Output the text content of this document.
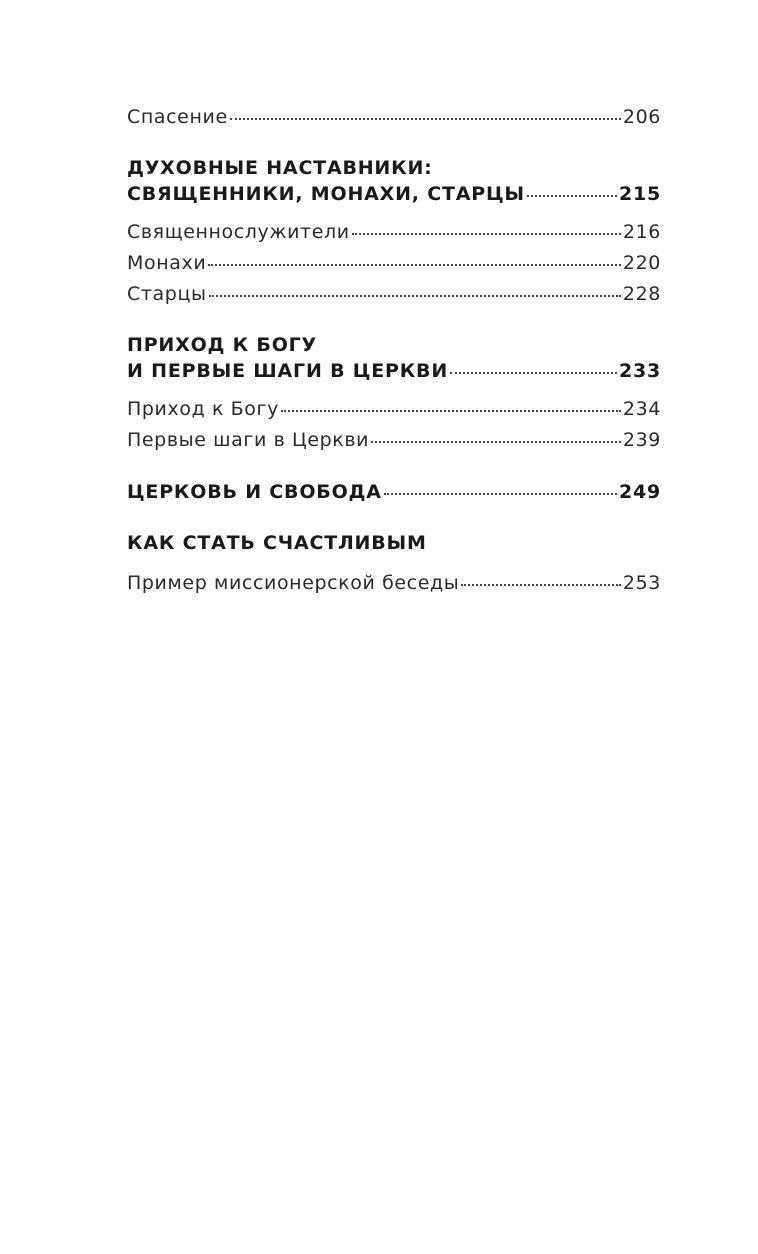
Спасение	206
ДУХОВНЫЕ НАСТАВНИКИ:
СВЯЩЕННИКИ, МОНАХИ, СТАРЦЫ	215
Священнослужители	216
Монахи	220
Старцы	228
ПРИХОД К БОГУ
И ПЕРВЫЕ ШАГИ В ЦЕРКВИ	233
Приход к Богу	234
Первые шаги в Церкви	239
ЦЕРКОВЬ И СВОБОДА	249
КАК СТАТЬ СЧАСТЛИВЫМ
Пример миссионерской беседы	253
